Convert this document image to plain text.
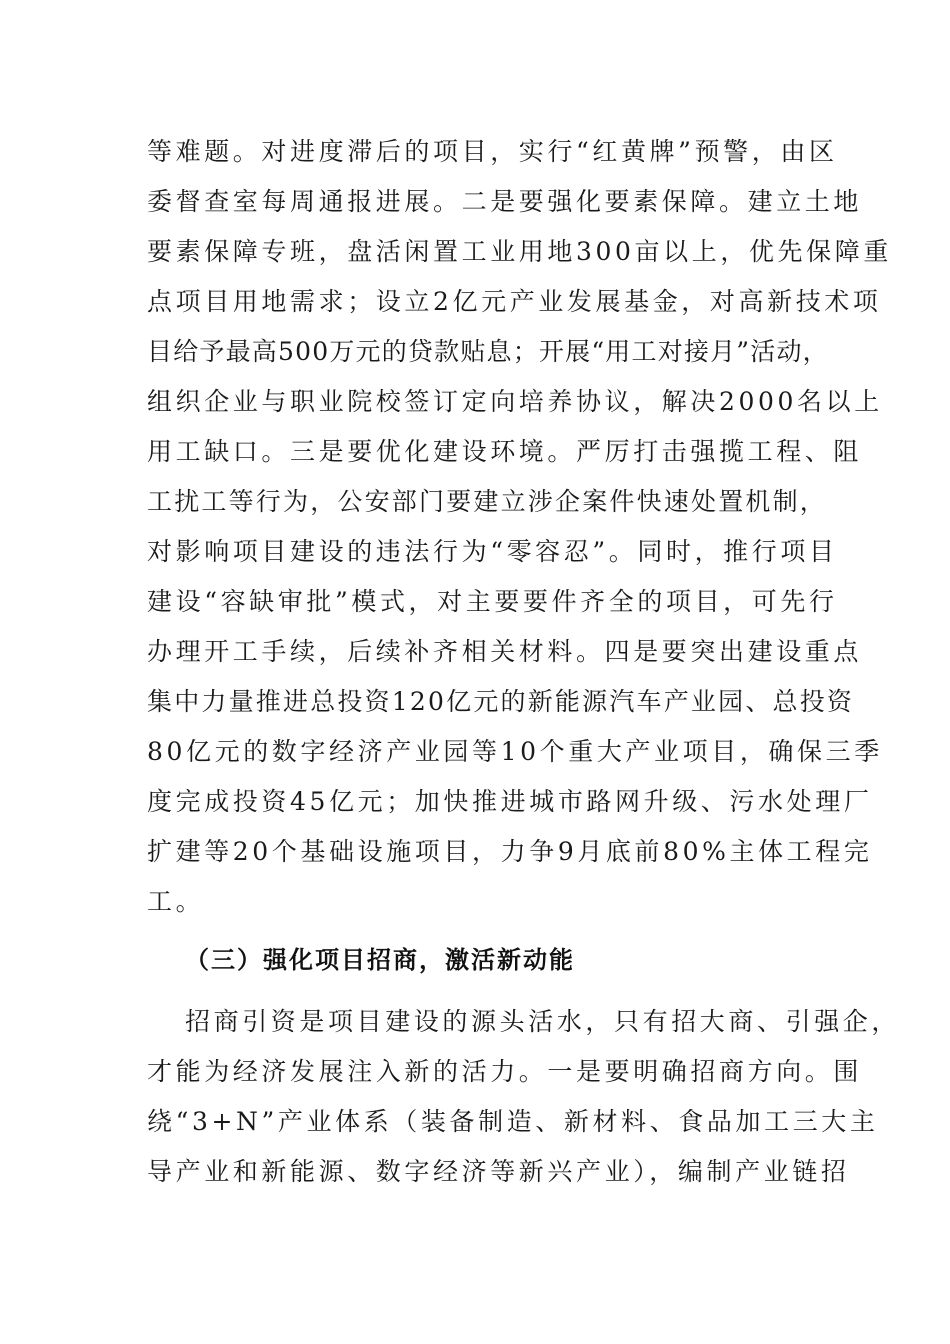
等难题。对进度滞后的项目，实行“红黄牌”预警，由区
委督查室每周通报进展。二是要强化要素保障。建立土地
要素保障专班，盘活闲置工业用地300亩以上，优先保障重
点项目用地需求；设立2亿元产业发展基金，对高新技术项
目给予最高500万元的贷款贴息；开展“用工对接月”活动，
组织企业与职业院校签订定向培养协议，解决2000名以上
用工缺口。三是要优化建设环境。严厉打击强揽工程、阻
工扰工等行为，公安部门要建立涉企案件快速处置机制，
对影响项目建设的违法行为“零容忍”。同时，推行项目
建设“容缺审批”模式，对主要要件齐全的项目，可先行
办理开工手续，后续补齐相关材料。四是要突出建设重点
集中力量推进总投资120亿元的新能源汽车产业园、总投资
80亿元的数字经济产业园等10个重大产业项目，确保三季
度完成投资45亿元；加快推进城市路网升级、污水处理厂
扩建等20个基础设施项目，力争9月底前80%主体工程完
工。
（三）强化项目招商，激活新动能
招商引资是项目建设的源头活水，只有招大商、引强企，
才能为经济发展注入新的活力。一是要明确招商方向。围
绕“3+N”产业体系（装备制造、新材料、食品加工三大主
导产业和新能源、数字经济等新兴产业），编制产业链招
